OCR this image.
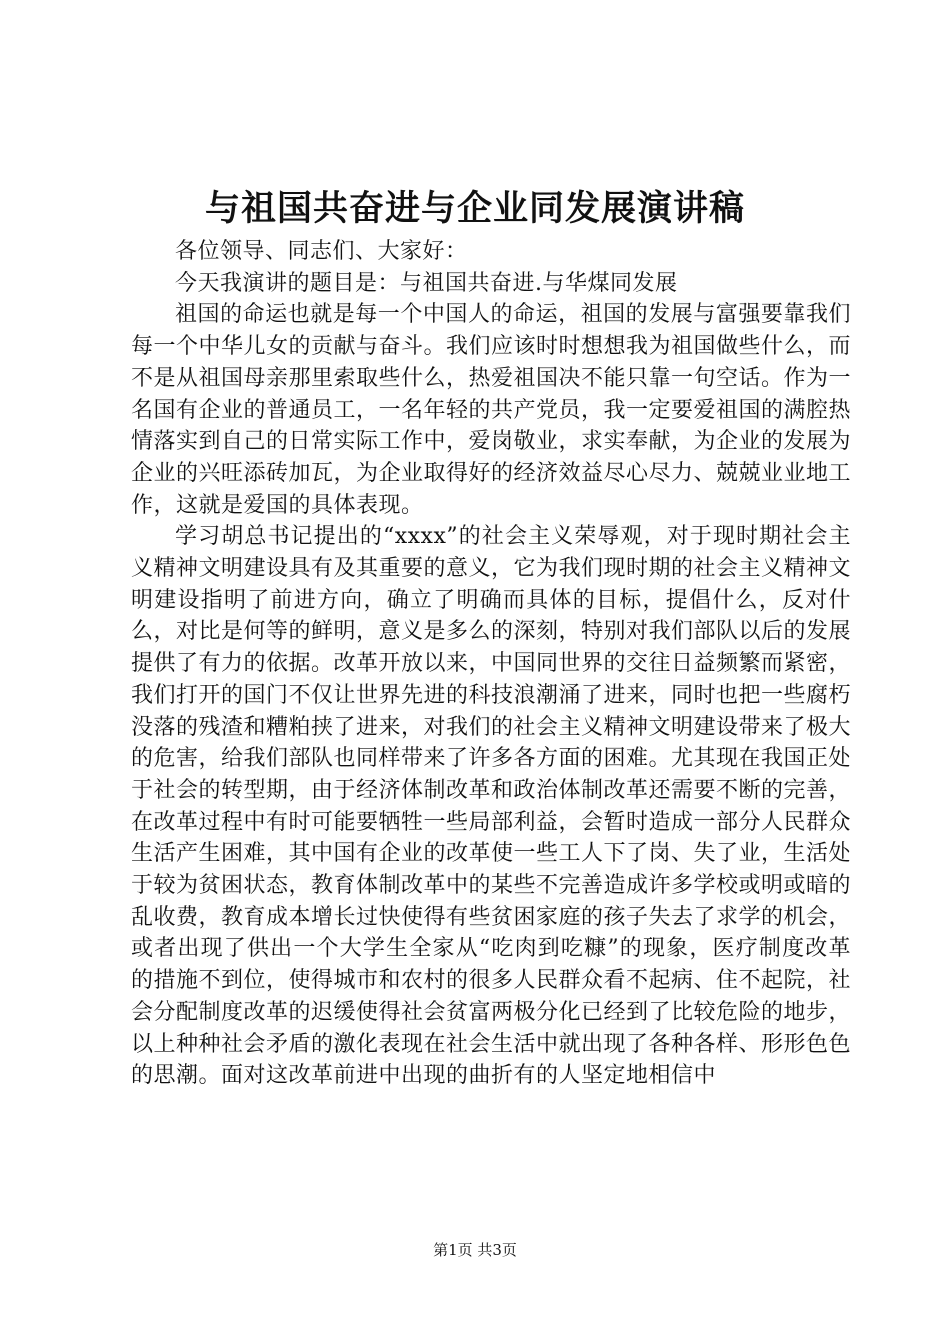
与祖国共奋进与企业同发展演讲稿

各位领导、同志们、大家好：

今天我演讲的题目是：与祖国共奋进.与华煤同发展

祖国的命运也就是每一个中国人的命运，祖国的发展与富强要靠我们每一个中华儿女的贡献与奋斗。我们应该时时想想我为祖国做些什么，而不是从祖国母亲那里索取些什么，热爱祖国决不能只靠一句空话。作为一名国有企业的普通员工，一名年轻的共产党员，我一定要爱祖国的满腔热情落实到自己的日常实际工作中，爱岗敬业，求实奉献，为企业的发展为企业的兴旺添砖加瓦，为企业取得好的经济效益尽心尽力、兢兢业业地工作，这就是爱国的具体表现。

学习胡总书记提出的“xxxx”的社会主义荣辱观，对于现时期社会主义精神文明建设具有及其重要的意义，它为我们现时期的社会主义精神文明建设指明了前进方向，确立了明确而具体的目标，提倡什么，反对什么，对比是何等的鲜明，意义是多么的深刻，特别对我们部队以后的发展提供了有力的依据。改革开放以来，中国同世界的交往日益频繁而紧密，我们打开的国门不仅让世界先进的科技浪潮涌了进来，同时也把一些腐朽没落的残渣和糟粕挟了进来，对我们的社会主义精神文明建设带来了极大的危害，给我们部队也同样带来了许多各方面的困难。尤其现在我国正处于社会的转型期，由于经济体制改革和政治体制改革还需要不断的完善，在改革过程中有时可能要牺牲一些局部利益，会暂时造成一部分人民群众生活产生困难，其中国有企业的改革使一些工人下了岗、失了业，生活处于较为贫困状态，教育体制改革中的某些不完善造成许多学校或明或暗的乱收费，教育成本增长过快使得有些贫困家庭的孩子失去了求学的机会，或者出现了供出一个大学生全家从“吃肉到吃糠”的现象，医疗制度改革的措施不到位，使得城市和农村的很多人民群众看不起病、住不起院，社会分配制度改革的迟缓使得社会贫富两极分化已经到了比较危险的地步，以上种种社会矛盾的激化表现在社会生活中就出现了各种各样、形形色色的思潮。面对这改革前进中出现的曲折有的人坚定地相信中

第1页 共3页
